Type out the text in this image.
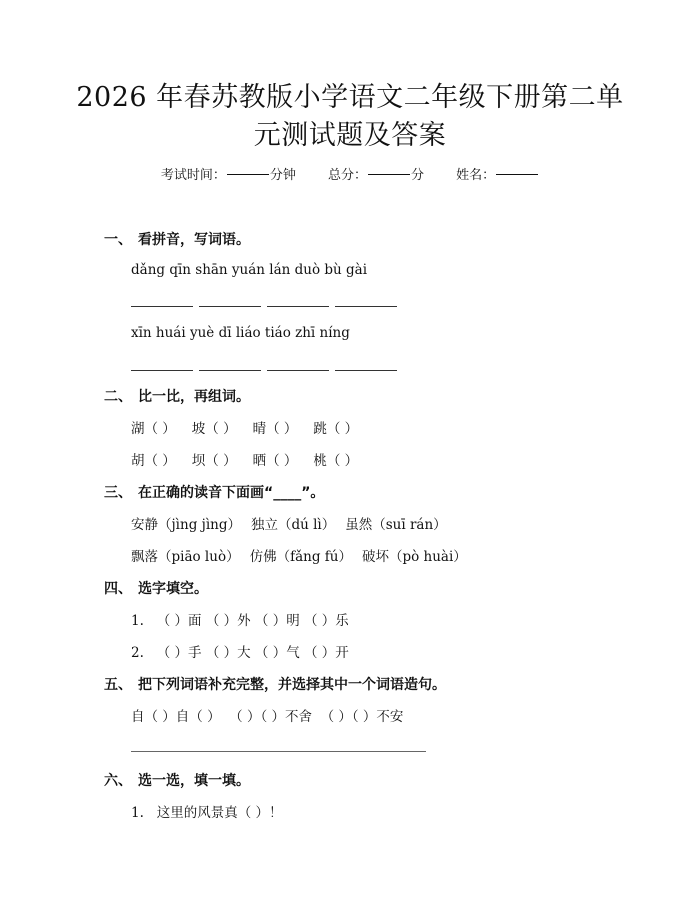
2026 年春苏教版小学语文二年级下册第二单
元测试题及答案
考试时间：	分钟 总分：	分 姓名：
一、 看拼音，写词语。
dǎng qīn shān yuán lán duò bù gài
xīn huái yuè dī liáo tiáo zhī níng
二、 比一比，再组词。
湖（ ） 坡（ ） 晴（ ） 跳（ ）
胡（ ） 坝（ ） 晒（ ） 桃（ ）
三、 在正确的读音下面画“____”。
安静（jìng jìng） 独立（dú lì） 虽然（suī rán）
飘落（piāo luò） 仿佛（fǎng fú） 破坏（pò huài）
四、 选字填空。
1.   （ ）面 （ ）外 （ ）明 （ ）乐
2.   （ ）手 （ ）大 （ ）气 （ ）开
五、 把下列词语补充完整，并选择其中一个词语造句。
自（ ）自（ ）  （ ）（ ）不舍  （ ）（ ）不安
六、 选一选，填一填。
1.   这里的风景真（ ）！
